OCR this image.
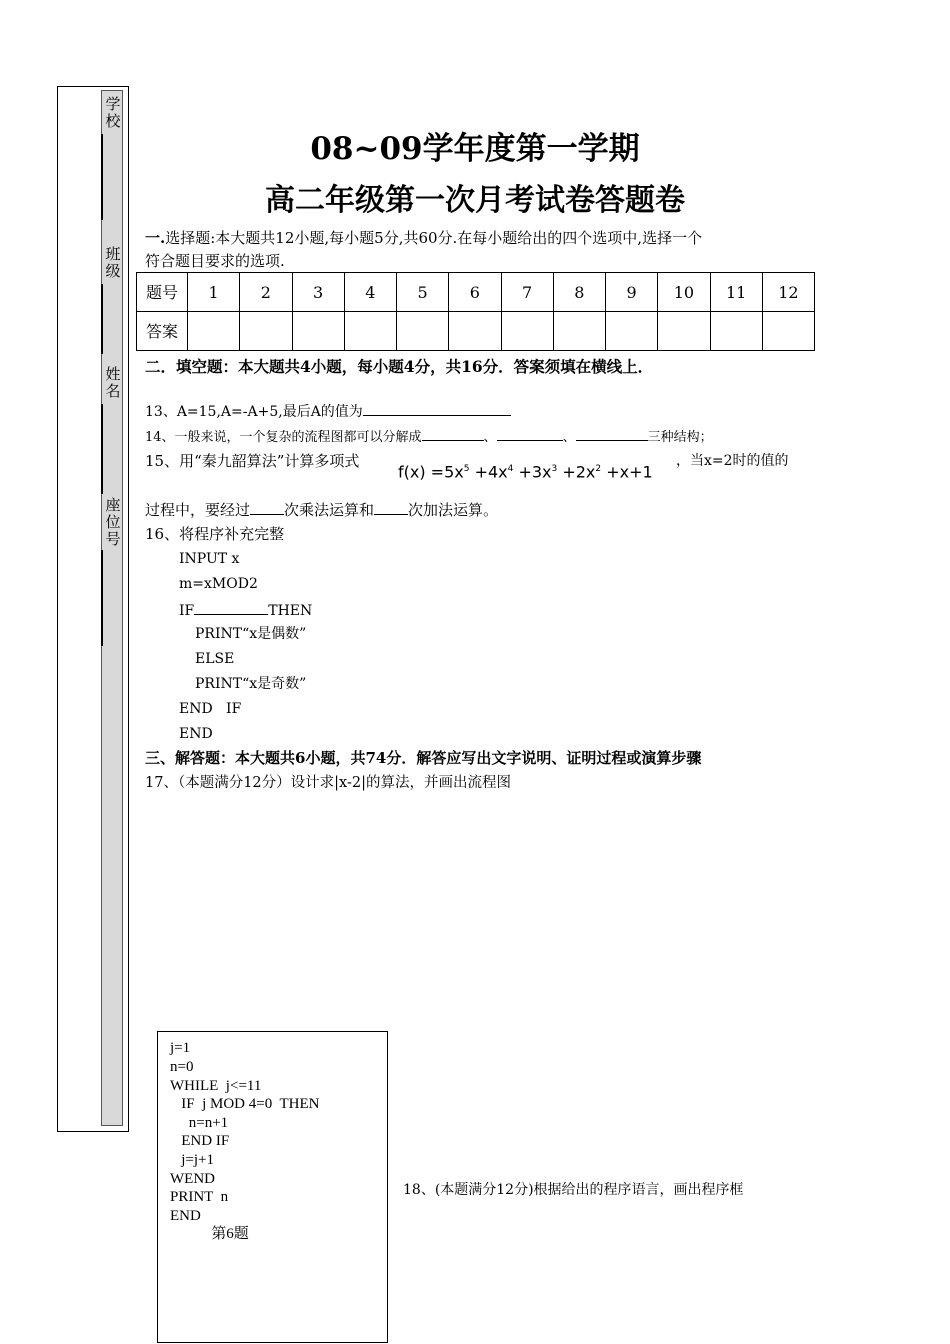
学校
班级
姓名
座位号
08~09学年度第一学期
高二年级第一次月考试卷答题卷
一.选择题:本大题共12小题,每小题5分,共60分.在每小题给出的四个选项中,选择一个
符合题目要求的选项.
题号	1	2	3	4	5	6	7	8	9	10	11	12
答案												
二．填空题：本大题共4小题，每小题4分，共16分．答案须填在横线上．
13、A=15,A=-A+5,最后A的值为
14、一般来说，一个复杂的流程图都可以分解成	、	、	三种结构；
15、用“秦九韶算法”计算多项式
$f(x) =5x^5 +4x^4 +3x^3 +2x^2 +x+1$
，当x=2时的值的
过程中，要经过 次乘法运算和 次加法运算。
16、将程序补充完整
INPUT x
m=xMOD2
IF	THEN
PRINT“x是偶数”
ELSE
PRINT“x是奇数”
END   IF
END
三、解答题：本大题共6小题，共74分．解答应写出文字说明、证明过程或演算步骤
17、（本题满分12分）设计求|x-2|的算法，并画出流程图
j=1
n=0
WHILE  j<=11
IF  j MOD 4=0  THEN
n=n+1
END IF
j=j+1
WEND
PRINT  n
END
第6题
18、(本题满分12分)根据给出的程序语言，画出程序框
